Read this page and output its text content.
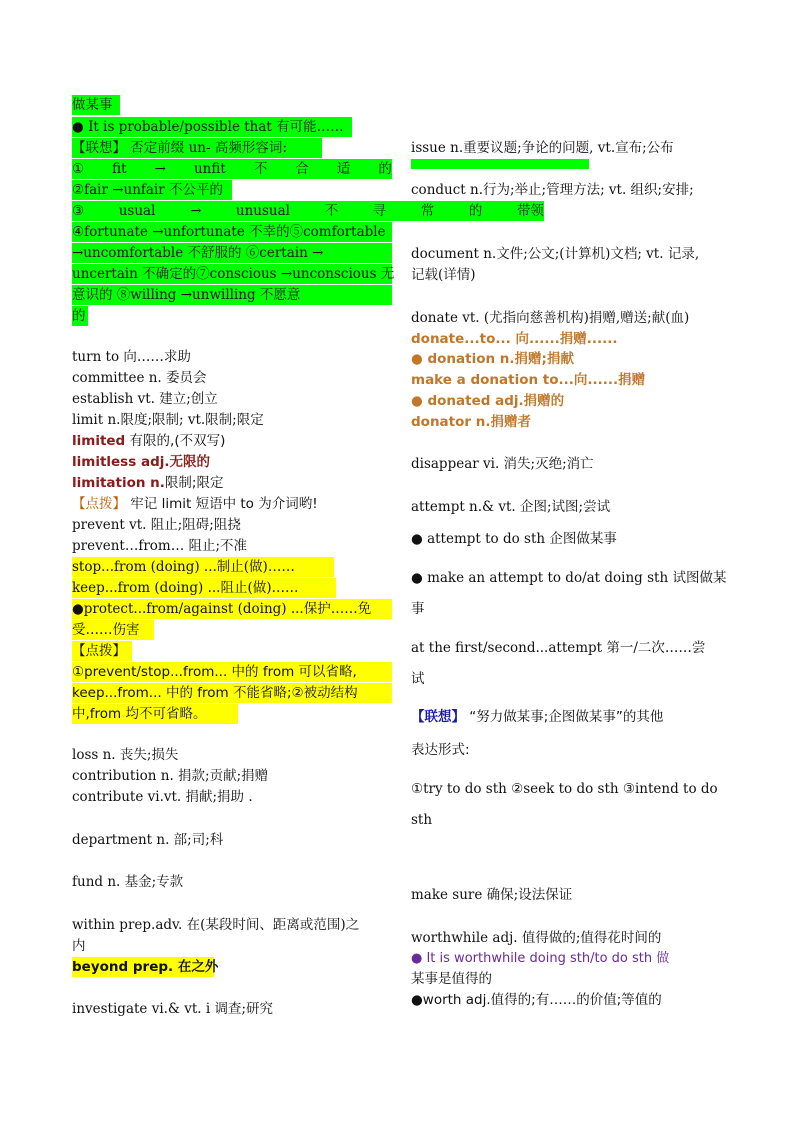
做某事
● It is probable/possible that 有可能……
【联想】 否定前缀 un- 高频形容词:
① fit → unfit 不 合 适 的
②fair →unfair 不公平的
③	usual	→	unusual	不	寻	常	的	带领
④fortunate →unfortunate 不幸的⑤comfortable
→uncomfortable 不舒服的 ⑥certain →
uncertain 不确定的⑦conscious →unconscious 无
意识的 ⑧willing →unwilling 不愿意
的
turn to 向……求助
committee n. 委员会
establish vt. 建立;创立
limit n.限度;限制; vt.限制;限定
limited 有限的,(不双写)
limitless adj.无限的
limitation n.限制;限定
【点拨】 牢记 limit 短语中 to 为介词哟!
prevent vt. 阻止;阻碍;阻挠
prevent…from… 阻止;不准
stop...from (doing) ...制止(做)……
keep...from (doing) ...阻止(做)……
●protect...from/against (doing) ...保护……免
受……伤害
【点拨】
①prevent/stop...from... 中的 from 可以省略,
keep...from... 中的 from 不能省略;②被动结构
中,from 均不可省略。
loss n. 丧失;损失
contribution n. 捐款;贡献;捐赠
contribute vi.vt. 捐献;捐助 .
department n. 部;司;科
fund n. 基金;专款
within prep.adv. 在(某段时间、距离或范围)之
内
beyond prep. 在之外
investigate vi.& vt. i 调查;研究
issue n.重要议题;争论的问题, vt.宣布;公布
conduct n.行为;举止;管理方法; vt. 组织;安排;
document n.文件;公文;(计算机)文档; vt. 记录,
记载(详情)
donate vt. (尤指向慈善机构)捐赠,赠送;献(血)
donate...to... 向......捐赠......
● donation n.捐赠;捐献
make a donation to...向......捐赠
● donated adj.捐赠的
donator n.捐赠者
disappear vi. 消失;灭绝;消亡
attempt n.& vt. 企图;试图;尝试
● attempt to do sth 企图做某事
● make an attempt to do/at doing sth 试图做某
事
at the first/second...attempt 第一/二次……尝
试
【联想】 “努力做某事;企图做某事”的其他
表达形式:
①try to do sth ②seek to do sth ③intend to do
sth
make sure 确保;设法保证
worthwhile adj. 值得做的;值得花时间的
● It is worthwhile doing sth/to do sth 做
某事是值得的
●worth adj.值得的;有……的价值;等值的
